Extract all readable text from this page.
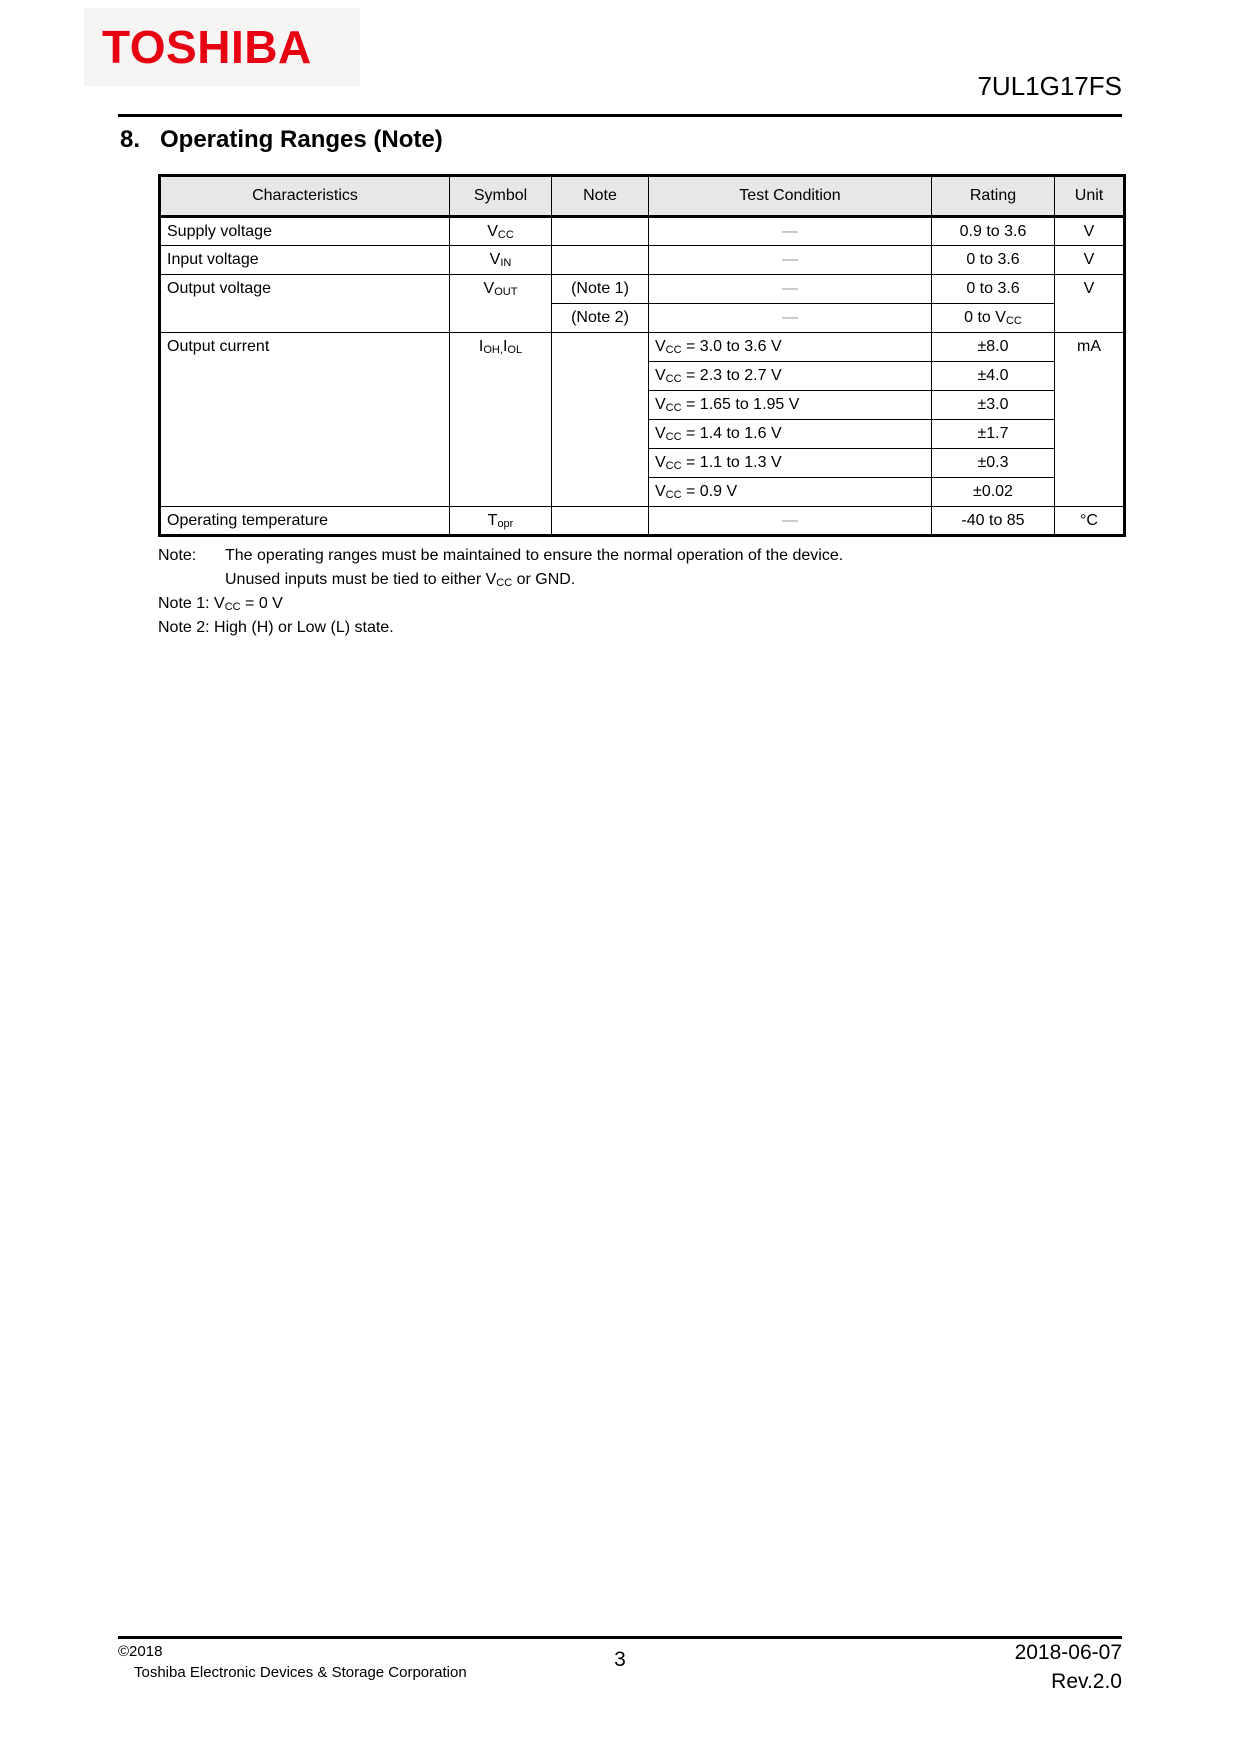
TOSHIBA
7UL1G17FS
8. Operating Ranges (Note)
Characteristics	Symbol	Note	Test Condition	Rating	Unit
Supply voltage	$V_{CC}$		—	0.9 to 3.6	V
Input voltage	$V_{IN}$		—	0 to 3.6	V
Output voltage	$V_{OUT}$	(Note 1)	—	0 to 3.6	V
		(Note 2)	—	0 to $V_{CC}$
Output current	$I_{OH,}I_{OL}$		$V_{CC} = 3.0$ to 3.6 V	±8.0	mA
			$V_{CC} = 2.3$ to 2.7 V	±4.0	
			$V_{CC} = 1.65$ to 1.95 V	±3.0	
			$V_{CC} = 1.4$ to 1.6 V	±1.7	
			$V_{CC} = 1.1$ to 1.3 V	±0.3	
			$V_{CC} = 0.9$ V	±0.02	
Operating temperature	$T_{opr}$		—	-40 to 85	°C
Note: The operating ranges must be maintained to ensure the normal operation of the device.
Unused inputs must be tied to either $V_{CC}$ or GND.
Note 1: $V_{CC} = 0$ V
Note 2: High (H) or Low (L) state.
©2018
Toshiba Electronic Devices & Storage Corporation
3	2018-06-07
Rev.2.0
